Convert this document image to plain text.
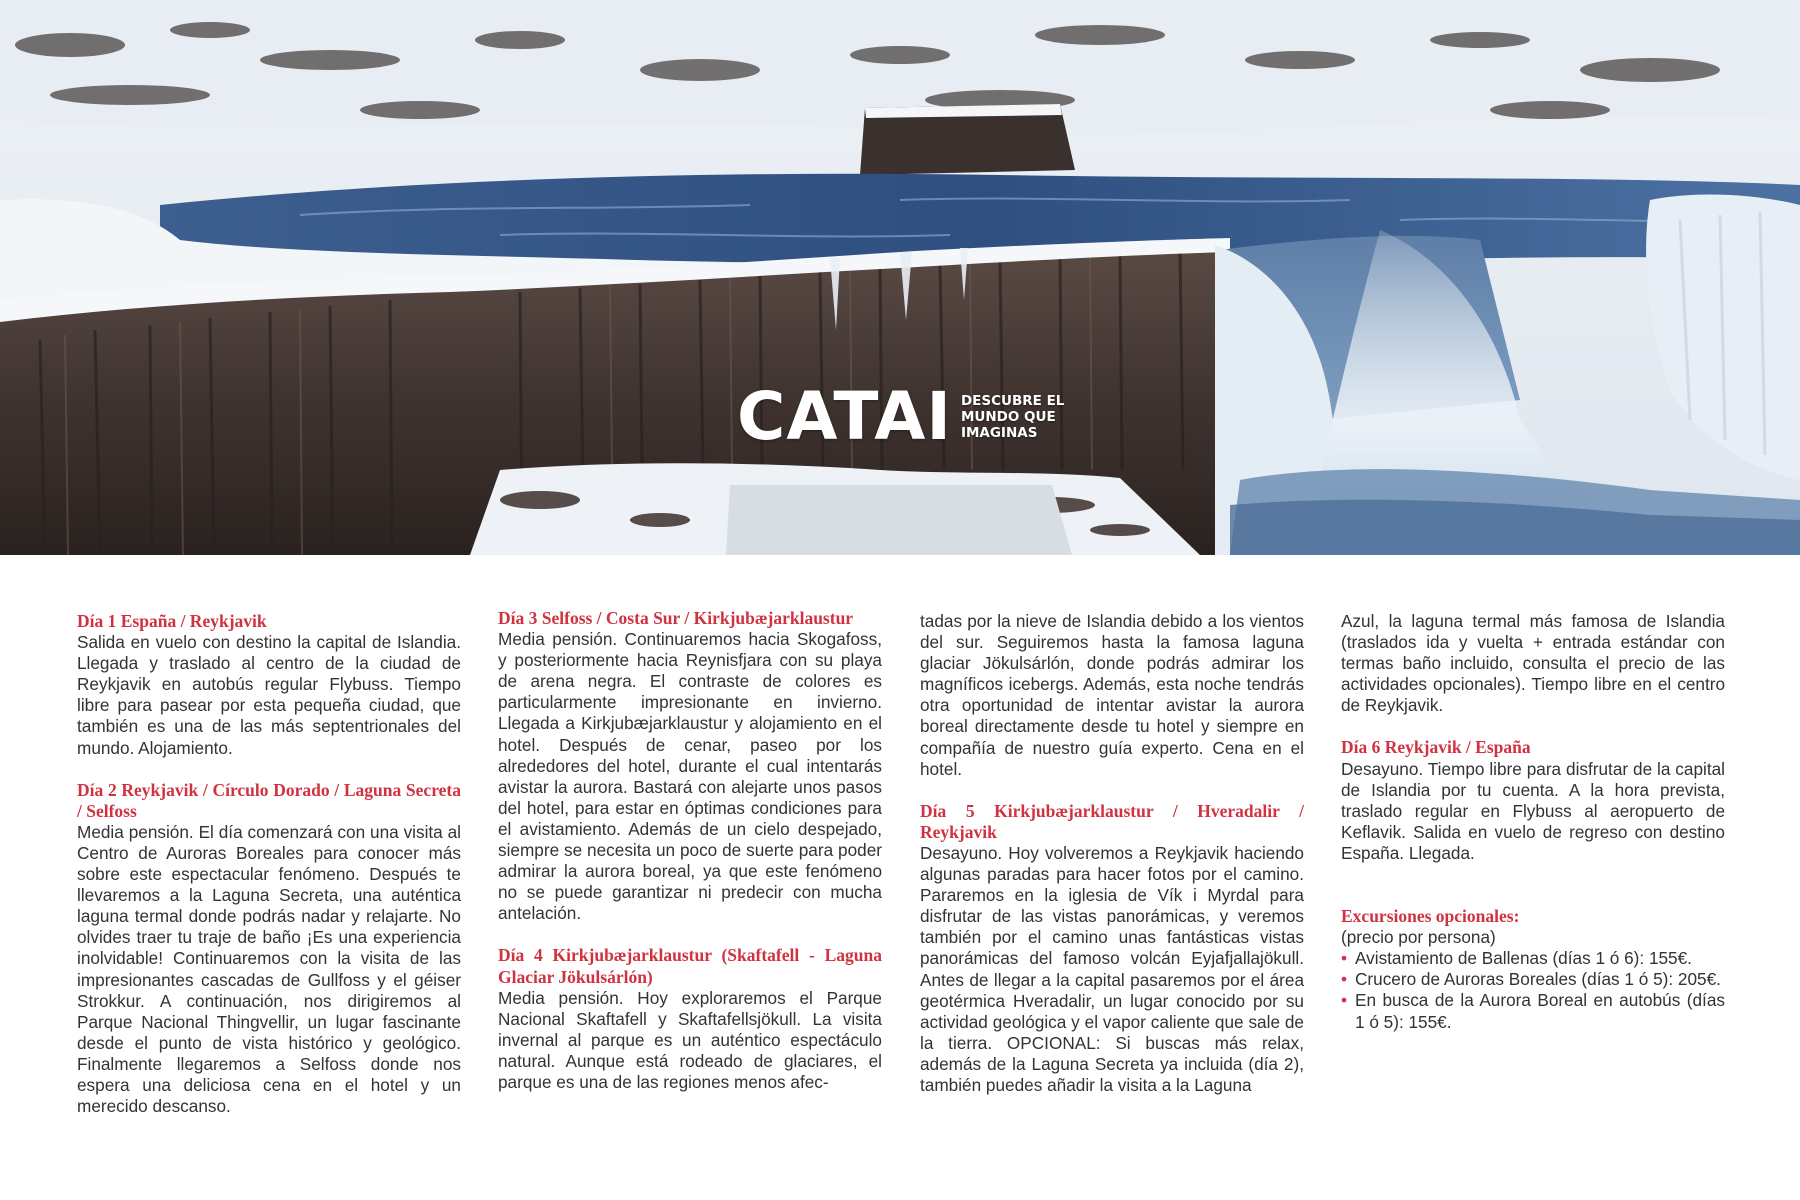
CATAI DESCUBRE EL
MUNDO QUE
IMAGINAS
Día 1 España / Reykjavik

Salida en vuelo con destino la capital de Islandia. Llegada y traslado al centro de la ciudad de Reykjavik en autobús regular Flybuss. Tiempo libre para pasear por esta pequeña ciudad, que también es una de las más septentrionales del mundo. Alojamiento.

Día 2 Reykjavik / Círculo Dorado / Laguna Secreta / Selfoss

Media pensión. El día comenzará con una visita al Centro de Auroras Boreales para conocer más sobre este espectacular fenómeno. Después te llevaremos a la Laguna Secreta, una auténtica laguna termal donde podrás nadar y relajarte. No olvides traer tu traje de baño ¡Es una experiencia inolvidable! Continuaremos con la visita de las impresionantes cascadas de Gullfoss y el géiser Strokkur. A continuación, nos dirigiremos al Parque Nacional Thingvellir, un lugar fascinante desde el punto de vista histórico y geológico. Finalmente llegaremos a Selfoss donde nos espera una deliciosa cena en el hotel y un merecido descanso.

Día 3 Selfoss / Costa Sur / Kirkjubæjarklaustur

Media pensión. Continuaremos hacia Skogafoss, y posteriormente hacia Reynisfjara con su playa de arena negra. El contraste de colores es particularmente impresionante en invierno. Llegada a Kirkjubæjarklaustur y alojamiento en el hotel. Después de cenar, paseo por los alrededores del hotel, durante el cual intentarás avistar la aurora. Bastará con alejarte unos pasos del hotel, para estar en óptimas condiciones para el avistamiento. Además de un cielo despejado, siempre se necesita un poco de suerte para poder admirar la aurora boreal, ya que este fenómeno no se puede garantizar ni predecir con mucha antelación.

Día 4 Kirkjubæjarklaustur (Skaftafell - Laguna Glaciar Jökulsárlón)

Media pensión. Hoy exploraremos el Parque Nacional Skaftafell y Skaftafellsjökull. La visita invernal al parque es un auténtico espectáculo natural. Aunque está rodeado de glaciares, el parque es una de las regiones menos afec-

tadas por la nieve de Islandia debido a los vientos del sur. Seguiremos hasta la famosa laguna glaciar Jökulsárlón, donde podrás admirar los magníficos icebergs. Además, esta noche tendrás otra oportunidad de intentar avistar la aurora boreal directamente desde tu hotel y siempre en compañía de nuestro guía experto. Cena en el hotel.

Día 5 Kirkjubæjarklaustur / Hveradalir / Reykjavik

Desayuno. Hoy volveremos a Reykjavik haciendo algunas paradas para hacer fotos por el camino. Pararemos en la iglesia de Vík i Myrdal para disfrutar de las vistas panorámicas, y veremos también por el camino unas fantásticas vistas panorámicas del famoso volcán Eyjafjallajökull. Antes de llegar a la capital pasaremos por el área geotérmica Hveradalir, un lugar conocido por su actividad geológica y el vapor caliente que sale de la tierra. OPCIONAL: Si buscas más relax, además de la Laguna Secreta ya incluida (día 2), también puedes añadir la visita a la Laguna

Azul, la laguna termal más famosa de Islandia (traslados ida y vuelta + entrada estándar con termas baño incluido, consulta el precio de las actividades opcionales). Tiempo libre en el centro de Reykjavik.

Día 6 Reykjavik / España

Desayuno. Tiempo libre para disfrutar de la capital de Islandia por tu cuenta. A la hora prevista, traslado regular en Flybuss al aeropuerto de Keflavik. Salida en vuelo de regreso con destino España. Llegada.

Excursiones opcionales:
(precio por persona)
• Avistamiento de Ballenas (días 1 ó 6): 155€.
• Crucero de Auroras Boreales (días 1 ó 5): 205€.
• En busca de la Aurora Boreal en autobús (días 1 ó 5): 155€.
